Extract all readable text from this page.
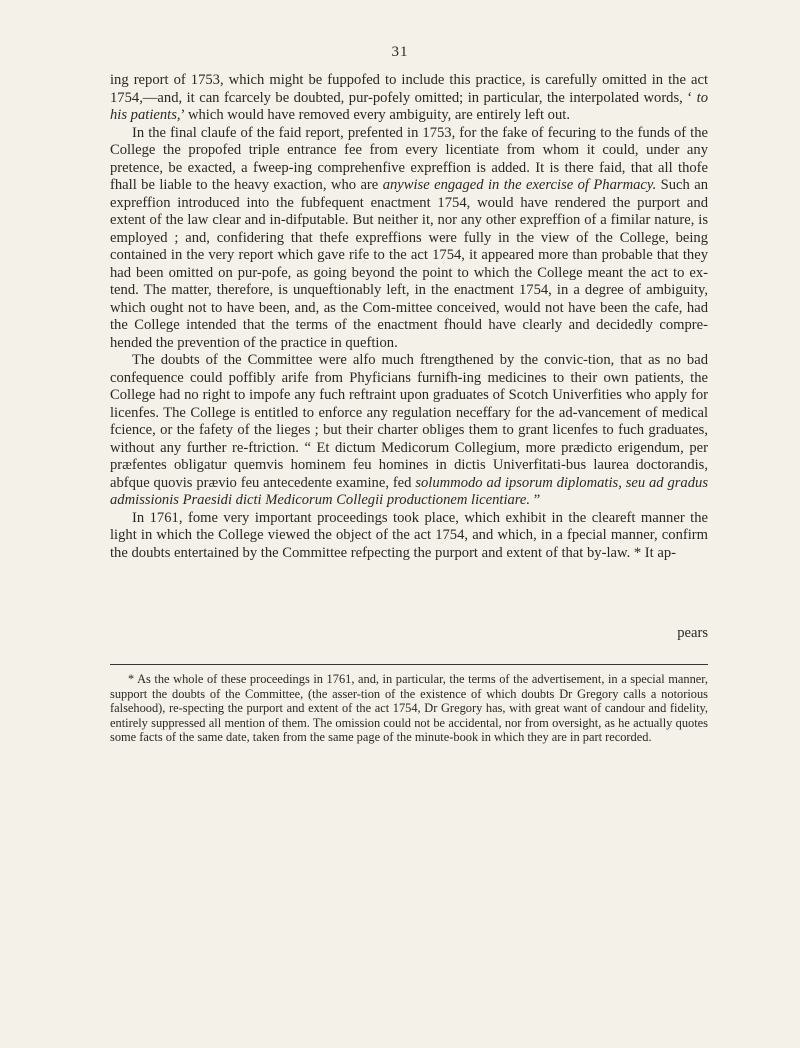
31

ing report of 1753, which might be fuppofed to include this practice, is carefully omitted in the act 1754,—and, it can fcarcely be doubted, pur-pofely omitted; in particular, the interpolated words, ‘ to his patients,’ which would have removed every ambiguity, are entirely left out.

In the final claufe of the faid report, prefented in 1753, for the fake of fecuring to the funds of the College the propofed triple entrance fee from every licentiate from whom it could, under any pretence, be exacted, a fweep-ing comprehenfive expreffion is added. It is there faid, that all thofe fhall be liable to the heavy exaction, who are anywise engaged in the exercise of Pharmacy. Such an expreffion introduced into the fubfequent enactment 1754, would have rendered the purport and extent of the law clear and in-difputable. But neither it, nor any other expreffion of a fimilar nature, is employed ; and, confidering that thefe expreffions were fully in the view of the College, being contained in the very report which gave rife to the act 1754, it appeared more than probable that they had been omitted on pur-pofe, as going beyond the point to which the College meant the act to ex-tend. The matter, therefore, is unqueftionably left, in the enactment 1754, in a degree of ambiguity, which ought not to have been, and, as the Com-mittee conceived, would not have been the cafe, had the College intended that the terms of the enactment fhould have clearly and decidedly compre-hended the prevention of the practice in queftion.

The doubts of the Committee were alfo much ftrengthened by the convic-tion, that as no bad confequence could poffibly arife from Phyficians furnifh-ing medicines to their own patients, the College had no right to impofe any fuch reftraint upon graduates of Scotch Univerfities who apply for licenfes. The College is entitled to enforce any regulation neceffary for the ad-vancement of medical fcience, or the fafety of the lieges ; but their charter obliges them to grant licenfes to fuch graduates, without any further re-ftriction. “ Et dictum Medicorum Collegium, more prædicto erigendum, per præfentes obligatur quemvis hominem feu homines in dictis Univerfitati-bus laurea doctorandis, abfque quovis prævio feu antecedente examine, fed solummodo ad ipsorum diplomatis, seu ad gradus admissionis Praesidi dicti Medicorum Collegii productionem licentiare. ”

In 1761, fome very important proceedings took place, which exhibit in the cleareft manner the light in which the College viewed the object of the act 1754, and which, in a fpecial manner, confirm the doubts entertained by the Committee refpecting the purport and extent of that by-law. * It ap-

pears

* As the whole of these proceedings in 1761, and, in particular, the terms of the advertisement, in a special manner, support the doubts of the Committee, (the asser-tion of the existence of which doubts Dr Gregory calls a notorious falsehood), re-specting the purport and extent of the act 1754, Dr Gregory has, with great want of candour and fidelity, entirely suppressed all mention of them. The omission could not be accidental, nor from oversight, as he actually quotes some facts of the same date, taken from the same page of the minute-book in which they are in part recorded.
